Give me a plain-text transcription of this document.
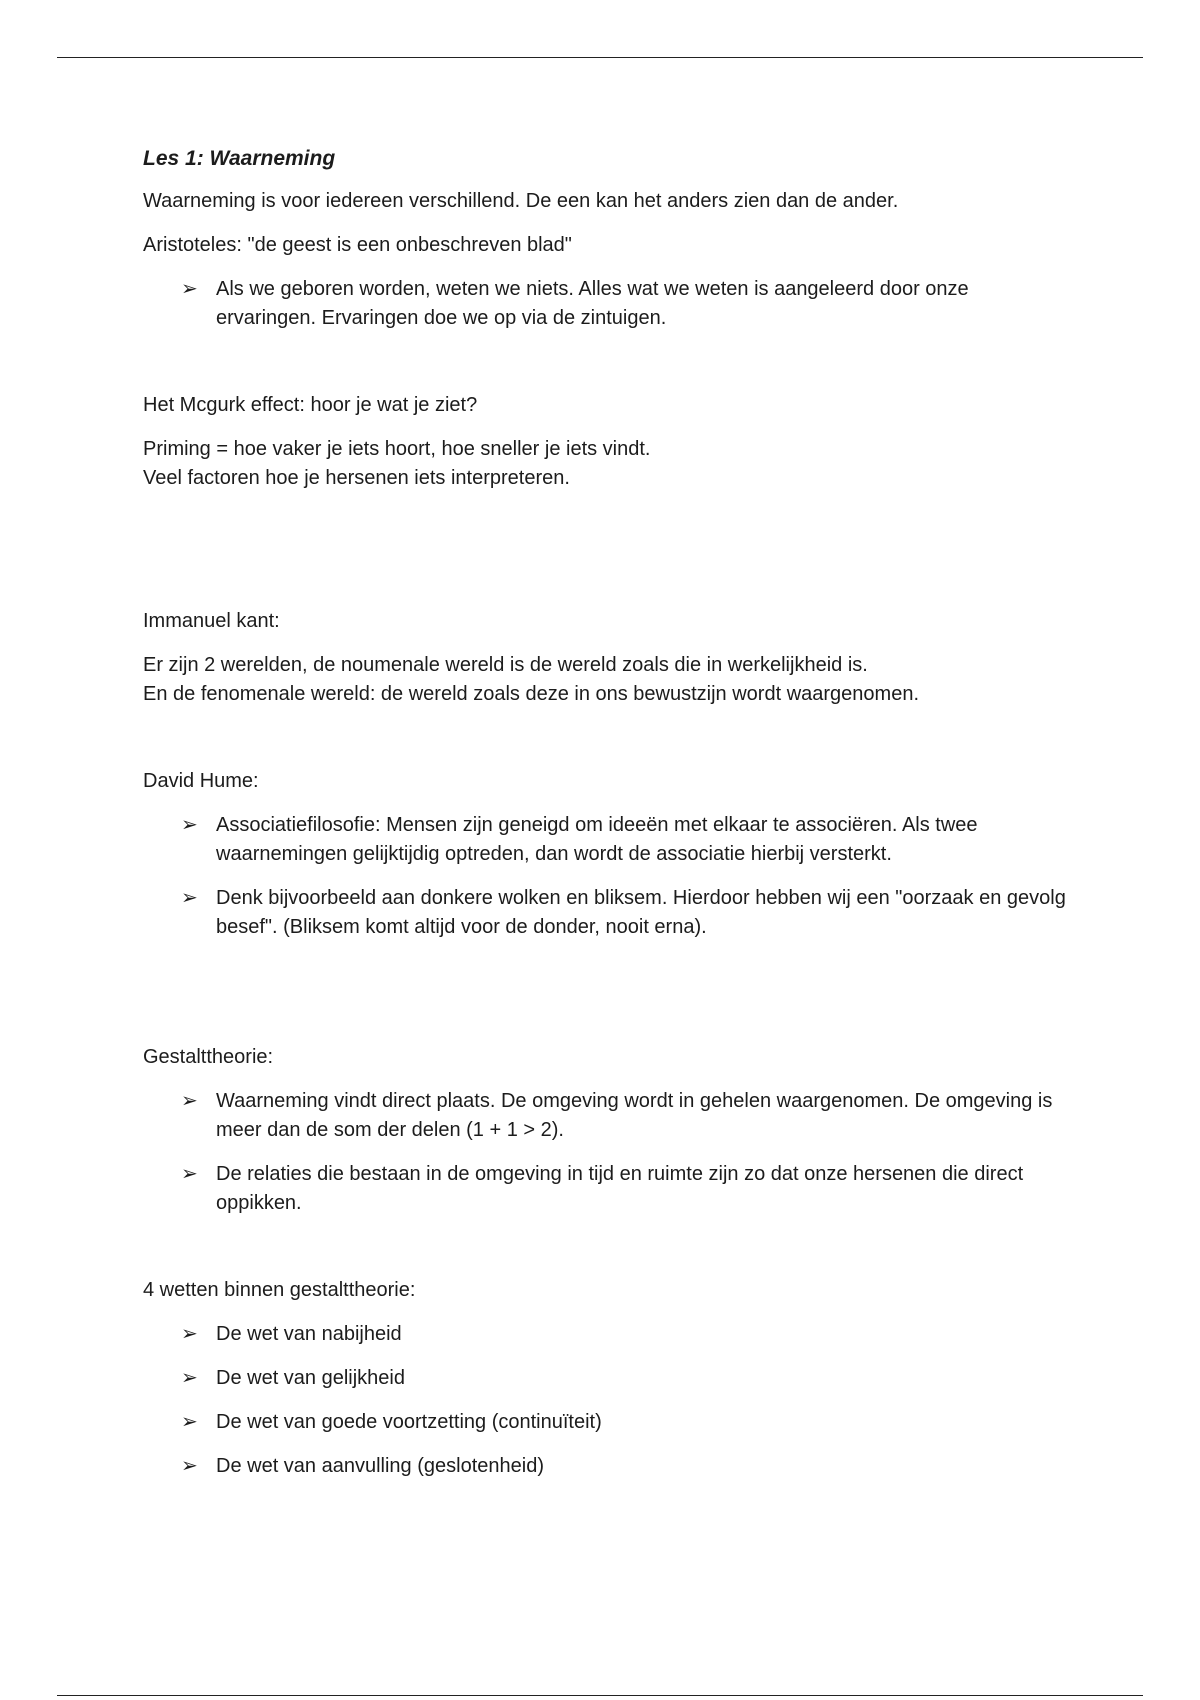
Les 1: Waarneming

Waarneming is voor iedereen verschillend. De een kan het anders zien dan de ander.

Aristoteles: "de geest is een onbeschreven blad"

➢ Als we geboren worden, weten we niets. Alles wat we weten is aangeleerd door onze ervaringen. Ervaringen doe we op via de zintuigen.

Het Mcgurk effect: hoor je wat je ziet?

Priming = hoe vaker je iets hoort, hoe sneller je iets vindt.
Veel factoren hoe je hersenen iets interpreteren.

Immanuel kant:

Er zijn 2 werelden, de noumenale wereld is de wereld zoals die in werkelijkheid is.
En de fenomenale wereld: de wereld zoals deze in ons bewustzijn wordt waargenomen.

David Hume:

➢ Associatiefilosofie: Mensen zijn geneigd om ideeën met elkaar te associëren. Als twee waarnemingen gelijktijdig optreden, dan wordt de associatie hierbij versterkt.
➢ Denk bijvoorbeeld aan donkere wolken en bliksem. Hierdoor hebben wij een "oorzaak en gevolg besef". (Bliksem komt altijd voor de donder, nooit erna).

Gestalttheorie:

➢ Waarneming vindt direct plaats. De omgeving wordt in gehelen waargenomen. De omgeving is meer dan de som der delen (1 + 1 > 2).
➢ De relaties die bestaan in de omgeving in tijd en ruimte zijn zo dat onze hersenen die direct oppikken.

4 wetten binnen gestalttheorie:

➢ De wet van nabijheid
➢ De wet van gelijkheid
➢ De wet van goede voortzetting (continuïteit)
➢ De wet van aanvulling (geslotenheid)
